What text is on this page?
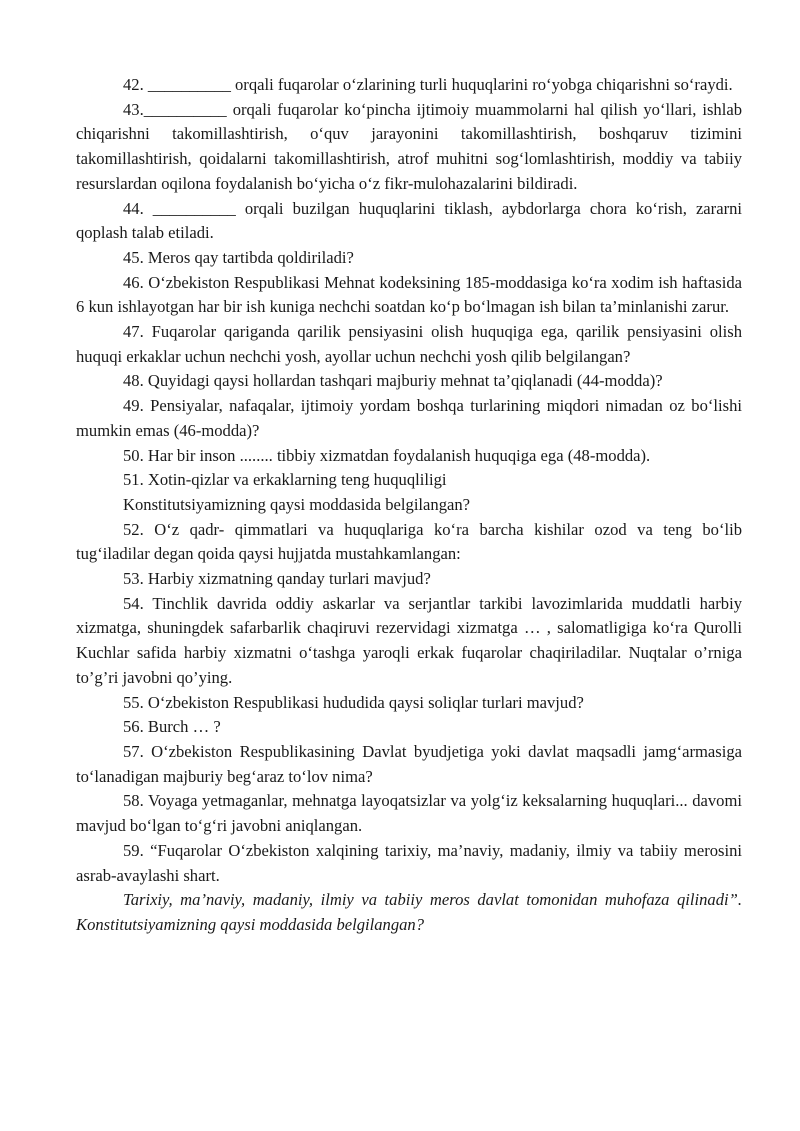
42. __________ orqali fuqarolar o‘zlarining turli huquqlarini ro‘yobga chiqarishni so‘raydi.

43.__________ orqali fuqarolar ko‘pincha ijtimoiy muammolarni hal qilish yo‘llari, ishlab chiqarishni takomillashtirish, o‘quv jarayonini takomillashtirish, boshqaruv tizimini takomillashtirish, qoidalarni takomillashtirish, atrof muhitni sog‘lomlashtirish, moddiy va tabiiy resurslardan oqilona foydalanish bo‘yicha o‘z fikr-mulohazalarini bildiradi.

44. __________ orqali buzilgan huquqlarini tiklash, aybdorlarga chora ko‘rish, zararni qoplash talab etiladi.

45. Meros qay tartibda qoldiriladi?

46. O‘zbekiston Respublikasi Mehnat kodeksining 185-moddasiga ko‘ra xodim ish haftasida 6 kun ishlayotgan har bir ish kuniga nechchi soatdan ko‘p bo‘lmagan ish bilan ta’minlanishi zarur.

47. Fuqarolar qariganda qarilik pensiyasini olish huquqiga ega, qarilik pensiyasini olish huquqi erkaklar uchun nechchi yosh, ayollar uchun nechchi yosh qilib belgilangan?

48. Quyidagi qaysi hollardan tashqari majburiy mehnat ta’qiqlanadi (44-modda)?

49. Pensiyalar, nafaqalar, ijtimoiy yordam boshqa turlarining miqdori nimadan oz bo‘lishi mumkin emas (46-modda)?

50. Har bir inson ........ tibbiy xizmatdan foydalanish huquqiga ega (48-modda).

51. Xotin-qizlar va erkaklarning teng huquqliligi

Konstitutsiyamizning qaysi moddasida belgilangan?

52. O‘z qadr- qimmatlari va huquqlariga ko‘ra barcha kishilar ozod va teng bo‘lib tug‘iladilar degan qoida qaysi hujjatda mustahkamlangan:

53. Harbiy xizmatning qanday turlari mavjud?

54. Tinchlik davrida oddiy askarlar va serjantlar tarkibi lavozimlarida muddatli harbiy xizmatga, shuningdek safarbarlik chaqiruvi rezervidagi xizmatga … , salomatligiga ko‘ra Qurolli Kuchlar safida harbiy xizmatni o‘tashga yaroqli erkak fuqarolar chaqiriladilar. Nuqtalar o’rniga to’g’ri javobni qo’ying.

55. O‘zbekiston Respublikasi hududida qaysi soliqlar turlari mavjud?

56. Burch … ?

57. O‘zbekiston Respublikasining Davlat byudjetiga yoki davlat maqsadli jamg‘armasiga to‘lanadigan majburiy beg‘araz to‘lov nima?

58. Voyaga yetmaganlar, mehnatga layoqatsizlar va yolg‘iz keksalarning huquqlari... davomi mavjud bo‘lgan to‘g‘ri javobni aniqlangan.

59. “Fuqarolar O‘zbekiston xalqining tarixiy, ma’naviy, madaniy, ilmiy va tabiiy merosini asrab-avaylashi shart.

Tarixiy, ma’naviy, madaniy, ilmiy va tabiiy meros davlat tomonidan muhofaza qilinadi”. Konstitutsiyamizning qaysi moddasida belgilangan?
